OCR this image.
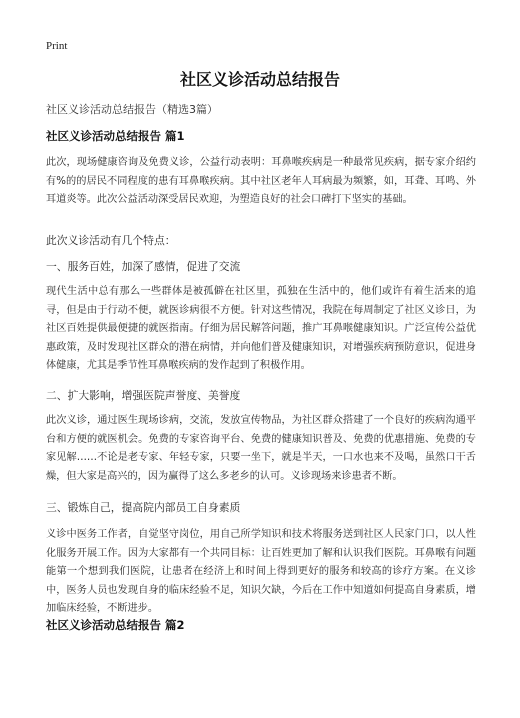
Print
社区义诊活动总结报告
社区义诊活动总结报告（精选3篇）
社区义诊活动总结报告 篇1

此次，现场健康咨询及免费义诊，公益行动表明：耳鼻喉疾病是一种最常见疾病，据专家介绍约有%的的居民不同程度的患有耳鼻喉疾病。其中社区老年人耳病最为频繁，如，耳聋、耳鸣、外耳道炎等。此次公益活动深受居民欢迎，为塑造良好的社会口碑打下坚实的基础。

此次义诊活动有几个特点：

一、服务百姓，加深了感情，促进了交流

现代生活中总有那么一些群体是被孤僻在社区里，孤独在生活中的，他们或许有着生活来的追寻，但是由于行动不便，就医诊病很不方便。针对这些情况，我院在每周制定了社区义诊日，为社区百姓提供最便捷的就医指南。仔细为居民解答问题，推广耳鼻喉健康知识。广泛宣传公益优惠政策，及时发现社区群众的潜在病情，并向他们普及健康知识，对增强疾病预防意识，促进身体健康，尤其是季节性耳鼻喉疾病的发作起到了积极作用。

二、扩大影响，增强医院声誉度、美誉度

此次义诊，通过医生现场诊病，交流，发放宣传物品，为社区群众搭建了一个良好的疾病沟通平台和方便的就医机会。免费的专家咨询平台、免费的健康知识普及、免费的优惠措施、免费的专家见解……不论是老专家、年轻专家，只要一坐下，就是半天，一口水也来不及喝，虽然口干舌燥，但大家是高兴的，因为赢得了这么多老乡的认可。义诊现场来诊患者不断。

三、锻炼自己，提高院内部员工自身素质

义诊中医务工作者，自觉坚守岗位，用自己所学知识和技术将服务送到社区人民家门口，以人性化服务开展工作。因为大家都有一个共同目标：让百姓更加了解和认识我们医院。耳鼻喉有问题能第一个想到我们医院，让患者在经济上和时间上得到更好的服务和较高的诊疗方案。在义诊中，医务人员也发现自身的临床经验不足，知识欠缺，今后在工作中知道如何提高自身素质，增加临床经验，不断进步。

社区义诊活动总结报告 篇2
